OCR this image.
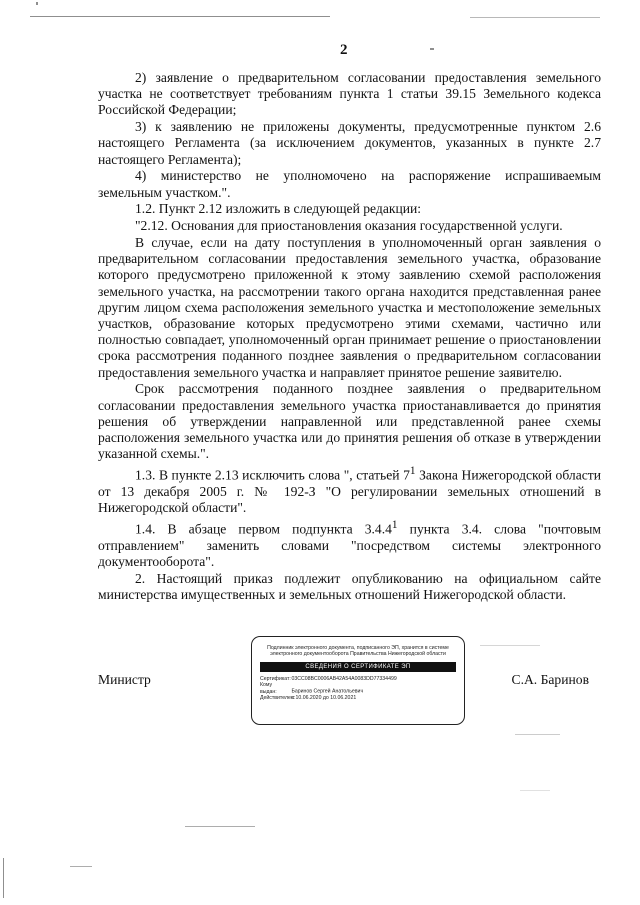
2

2) заявление о предварительном согласовании предоставления земельного участка не соответствует требованиям пункта 1 статьи 39.15 Земельного кодекса Российской Федерации;

3) к заявлению не приложены документы, предусмотренные пунктом 2.6 настоящего Регламента (за исключением документов, указанных в пункте 2.7 настоящего Регламента);

4) министерство не уполномочено на распоряжение испрашиваемым земельным участком.".

1.2. Пункт 2.12 изложить в следующей редакции:

"2.12. Основания для приостановления оказания государственной услуги.

В случае, если на дату поступления в уполномоченный орган заявления о предварительном согласовании предоставления земельного участка, образование которого предусмотрено приложенной к этому заявлению схемой расположения земельного участка, на рассмотрении такого органа находится представленная ранее другим лицом схема расположения земельного участка и местоположение земельных участков, образование которых предусмотрено этими схемами, частично или полностью совпадает, уполномоченный орган принимает решение о приостановлении срока рассмотрения поданного позднее заявления о предварительном согласовании предоставления земельного участка и направляет принятое решение заявителю.

Срок рассмотрения поданного позднее заявления о предварительном согласовании предоставления земельного участка приостанавливается до принятия решения об утверждении направленной или представленной ранее схемы расположения земельного участка или до принятия решения об отказе в утверждении указанной схемы.".

1.3. В пункте 2.13 исключить слова ", статьей $7^1$ Закона Нижегородской области от 13 декабря 2005 г. № 192-З "О регулировании земельных отношений в Нижегородской области".

1.4. В абзаце первом подпункта 3.4.4$^1$ пункта 3.4. слова "почтовым отправлением" заменить словами "посредством системы электронного документооборота".

2. Настоящий приказ подлежит опубликованию на официальном сайте министерства имущественных и земельных отношений Нижегородской области.

Министр	С.А. Баринов
Подлинник электронного документа, подписанного ЭП, хранится в системе электронного документооборота Правительства Нижегородской области
СВЕДЕНИЯ О СЕРТИФИКАТЕ ЭП
Сертификат: 03CC08BC0006AB42A54A0083DD77334499
Кому выдан:	Баринов Сергей Анатольевич
Действителен: с 10.06.2020 до 10.06.2021
